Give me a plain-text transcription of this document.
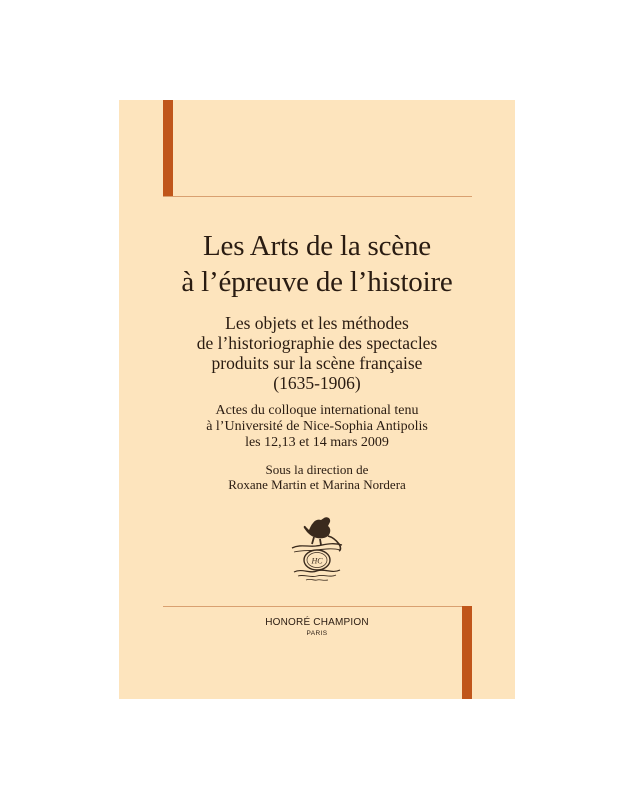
Les Arts de la scène
à l’épreuve de l’histoire
Les objets et les méthodes
de l’historiographie des spectacles
produits sur la scène française
(1635-1906)
Actes du colloque international tenu
à l’Université de Nice-Sophia Antipolis
les 12,13 et 14 mars 2009
Sous la direction de
Roxane Martin et Marina Nordera
HC
HONORÉ CHAMPION
PARIS
